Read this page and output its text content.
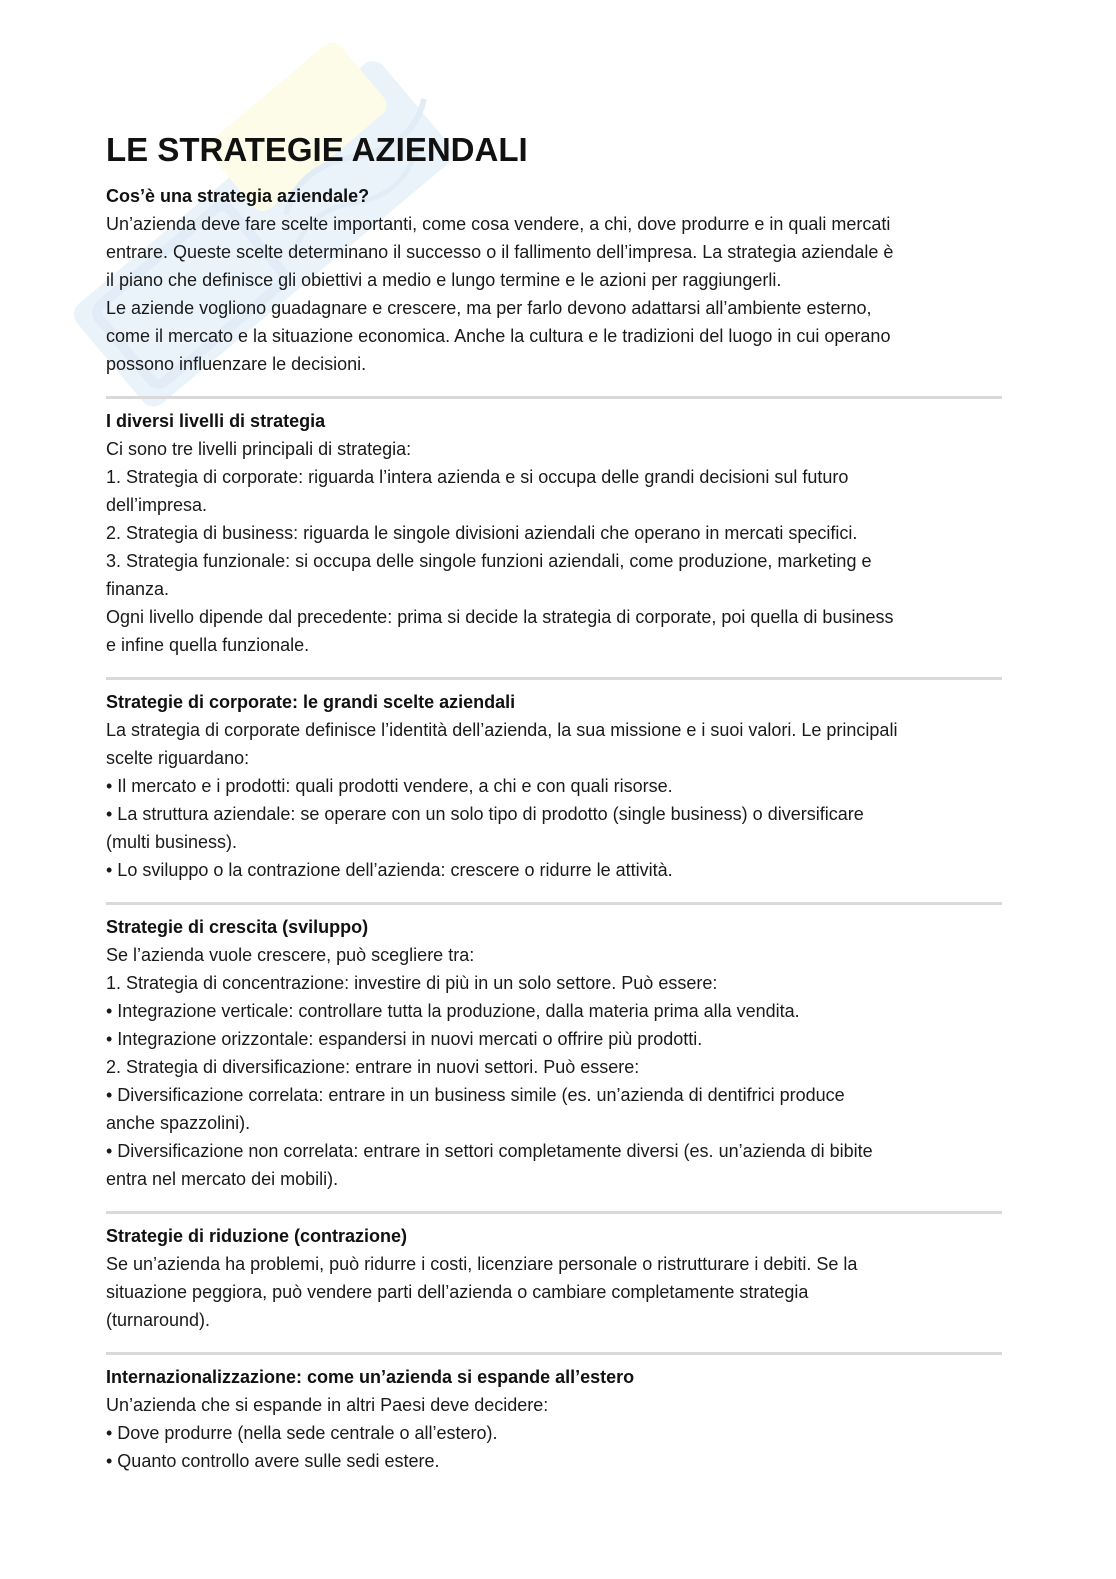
LE STRATEGIE AZIENDALI
Cos’è una strategia aziendale?

Un’azienda deve fare scelte importanti, come cosa vendere, a chi, dove produrre e in quali mercati

entrare. Queste scelte determinano il successo o il fallimento dell’impresa. La strategia aziendale è

il piano che definisce gli obiettivi a medio e lungo termine e le azioni per raggiungerli.

Le aziende vogliono guadagnare e crescere, ma per farlo devono adattarsi all’ambiente esterno,

come il mercato e la situazione economica. Anche la cultura e le tradizioni del luogo in cui operano

possono influenzare le decisioni.

I diversi livelli di strategia

Ci sono tre livelli principali di strategia:

1. Strategia di corporate: riguarda l’intera azienda e si occupa delle grandi decisioni sul futuro

dell’impresa.

2. Strategia di business: riguarda le singole divisioni aziendali che operano in mercati specifici.

3. Strategia funzionale: si occupa delle singole funzioni aziendali, come produzione, marketing e

finanza.

Ogni livello dipende dal precedente: prima si decide la strategia di corporate, poi quella di business

e infine quella funzionale.

Strategie di corporate: le grandi scelte aziendali

La strategia di corporate definisce l’identità dell’azienda, la sua missione e i suoi valori. Le principali

scelte riguardano:

• Il mercato e i prodotti: quali prodotti vendere, a chi e con quali risorse.

• La struttura aziendale: se operare con un solo tipo di prodotto (single business) o diversificare

(multi business).

• Lo sviluppo o la contrazione dell’azienda: crescere o ridurre le attività.

Strategie di crescita (sviluppo)

Se l’azienda vuole crescere, può scegliere tra:

1. Strategia di concentrazione: investire di più in un solo settore. Può essere:

• Integrazione verticale: controllare tutta la produzione, dalla materia prima alla vendita.

• Integrazione orizzontale: espandersi in nuovi mercati o offrire più prodotti.

2. Strategia di diversificazione: entrare in nuovi settori. Può essere:

• Diversificazione correlata: entrare in un business simile (es. un’azienda di dentifrici produce

anche spazzolini).

• Diversificazione non correlata: entrare in settori completamente diversi (es. un’azienda di bibite

entra nel mercato dei mobili).

Strategie di riduzione (contrazione)

Se un’azienda ha problemi, può ridurre i costi, licenziare personale o ristrutturare i debiti. Se la

situazione peggiora, può vendere parti dell’azienda o cambiare completamente strategia

(turnaround).

Internazionalizzazione: come un’azienda si espande all’estero

Un’azienda che si espande in altri Paesi deve decidere:

• Dove produrre (nella sede centrale o all’estero).

• Quanto controllo avere sulle sedi estere.
